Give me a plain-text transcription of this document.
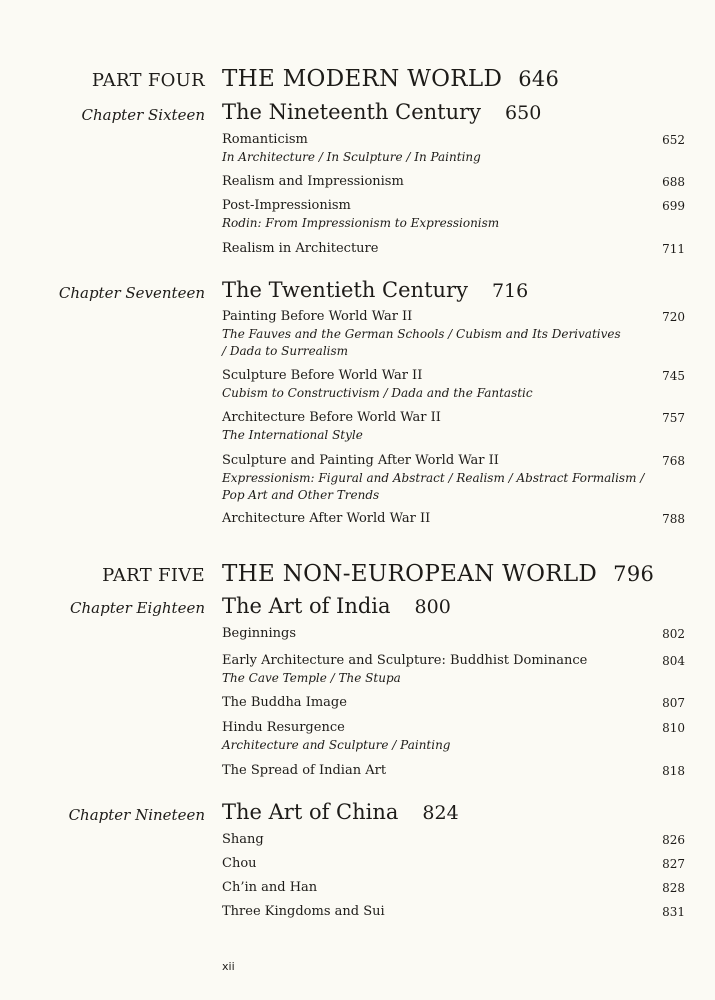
PART FOUR THE MODERN WORLD 646
Chapter Sixteen The Nineteenth Century 650
Romanticism	652
In Architecture / In Sculpture / In Painting
Realism and Impressionism	688
Post-Impressionism	699
Rodin: From Impressionism to Expressionism
Realism in Architecture	711
Chapter Seventeen The Twentieth Century 716
Painting Before World War II	720
The Fauves and the German Schools / Cubism and Its Derivatives / Dada to Surrealism
Sculpture Before World War II	745
Cubism to Constructivism / Dada and the Fantastic
Architecture Before World War II	757
The International Style
Sculpture and Painting After World War II	768
Expressionism: Figural and Abstract / Realism / Abstract Formalism / Pop Art and Other Trends
Architecture After World War II	788
PART FIVE THE NON-EUROPEAN WORLD 796
Chapter Eighteen The Art of India 800
Beginnings	802
Early Architecture and Sculpture: Buddhist Dominance	804
The Cave Temple / The Stupa
The Buddha Image	807
Hindu Resurgence	810
Architecture and Sculpture / Painting
The Spread of Indian Art	818
Chapter Nineteen The Art of China 824
Shang	826
Chou	827
Ch’in and Han	828
Three Kingdoms and Sui	831
xii
